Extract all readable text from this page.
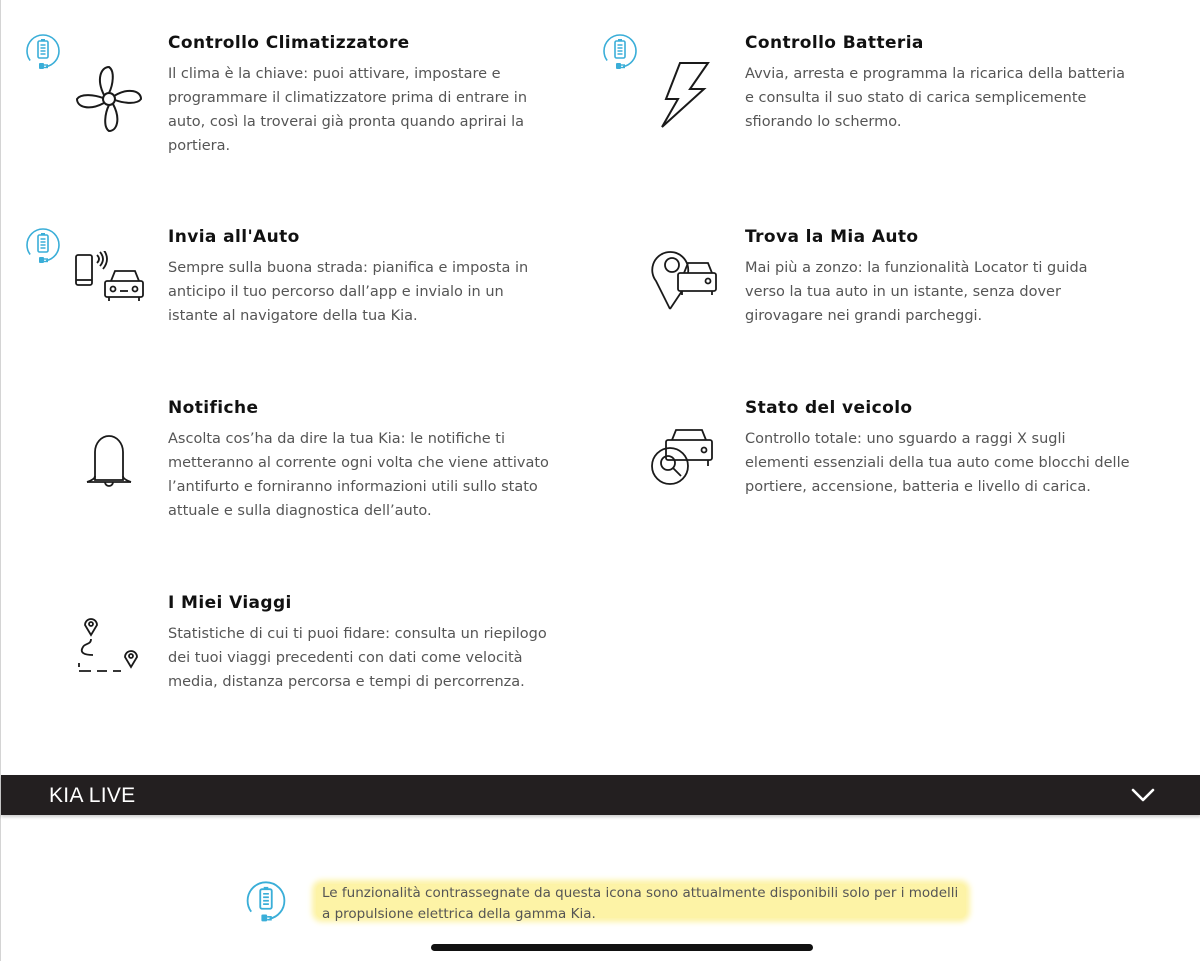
Controllo Climatizzatore

Il clima è la chiave: puoi attivare, impostare e programmare il climatizzatore prima di entrare in auto, così la troverai già pronta quando aprirai la portiera.

Controllo Batteria

Avvia, arresta e programma la ricarica della batteria e consulta il suo stato di carica semplicemente sfiorando lo schermo.

Invia all'Auto

Sempre sulla buona strada: pianifica e imposta in anticipo il tuo percorso dall’app e invialo in un istante al navigatore della tua Kia.

Trova la Mia Auto

Mai più a zonzo: la funzionalità Locator ti guida verso la tua auto in un istante, senza dover girovagare nei grandi parcheggi.

Notifiche

Ascolta cos’ha da dire la tua Kia: le notifiche ti metteranno al corrente ogni volta che viene attivato l’antifurto e forniranno informazioni utili sullo stato attuale e sulla diagnostica dell’auto.

Stato del veicolo

Controllo totale: uno sguardo a raggi X sugli elementi essenziali della tua auto come blocchi delle portiere, accensione, batteria e livello di carica.

I Miei Viaggi

Statistiche di cui ti puoi fidare: consulta un riepilogo dei tuoi viaggi precedenti con dati come velocità media, distanza percorsa e tempi di percorrenza.

KIA LIVE

Le funzionalità contrassegnate da questa icona sono attualmente disponibili solo per i modelli a propulsione elettrica della gamma Kia.
